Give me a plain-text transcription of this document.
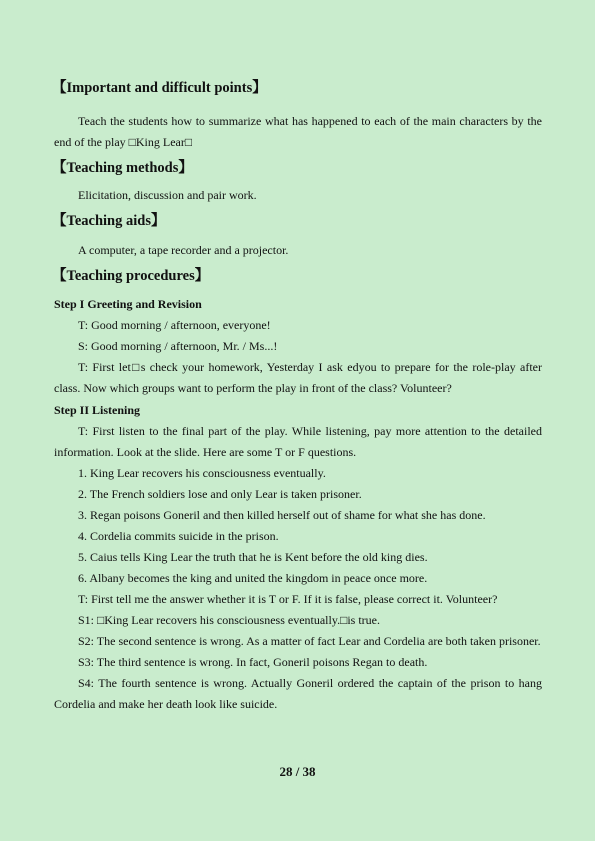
【Important and difficult points】

Teach the students how to summarize what has happened to each of the main characters by the end of the play □King Lear□

【Teaching methods】

Elicitation, discussion and pair work.

【Teaching aids】

A computer, a tape recorder and a projector.

【Teaching procedures】
Step I Greeting and Revision

T: Good morning / afternoon, everyone!

S: Good morning / afternoon, Mr. / Ms...!

T: First let□s check your homework, Yesterday I ask edyou to prepare for the role-play after class. Now which groups want to perform the play in front of the class? Volunteer?

Step II Listening

T: First listen to the final part of the play. While listening, pay more attention to the detailed information. Look at the slide. Here are some T or F questions.

1. King Lear recovers his consciousness eventually.

2. The French soldiers lose and only Lear is taken prisoner.

3. Regan poisons Goneril and then killed herself out of shame for what she has done.

4. Cordelia commits suicide in the prison.

5. Caius tells King Lear the truth that he is Kent before the old king dies.

6. Albany becomes the king and united the kingdom in peace once more.

T: First tell me the answer whether it is T or F. If it is false, please correct it. Volunteer?

S1: □King Lear recovers his consciousness eventually.□is true.

S2: The second sentence is wrong. As a matter of fact Lear and Cordelia are both taken prisoner.

S3: The third sentence is wrong. In fact, Goneril poisons Regan to death.

S4: The fourth sentence is wrong. Actually Goneril ordered the captain of the prison to hang Cordelia and make her death look like suicide.

28 / 38
